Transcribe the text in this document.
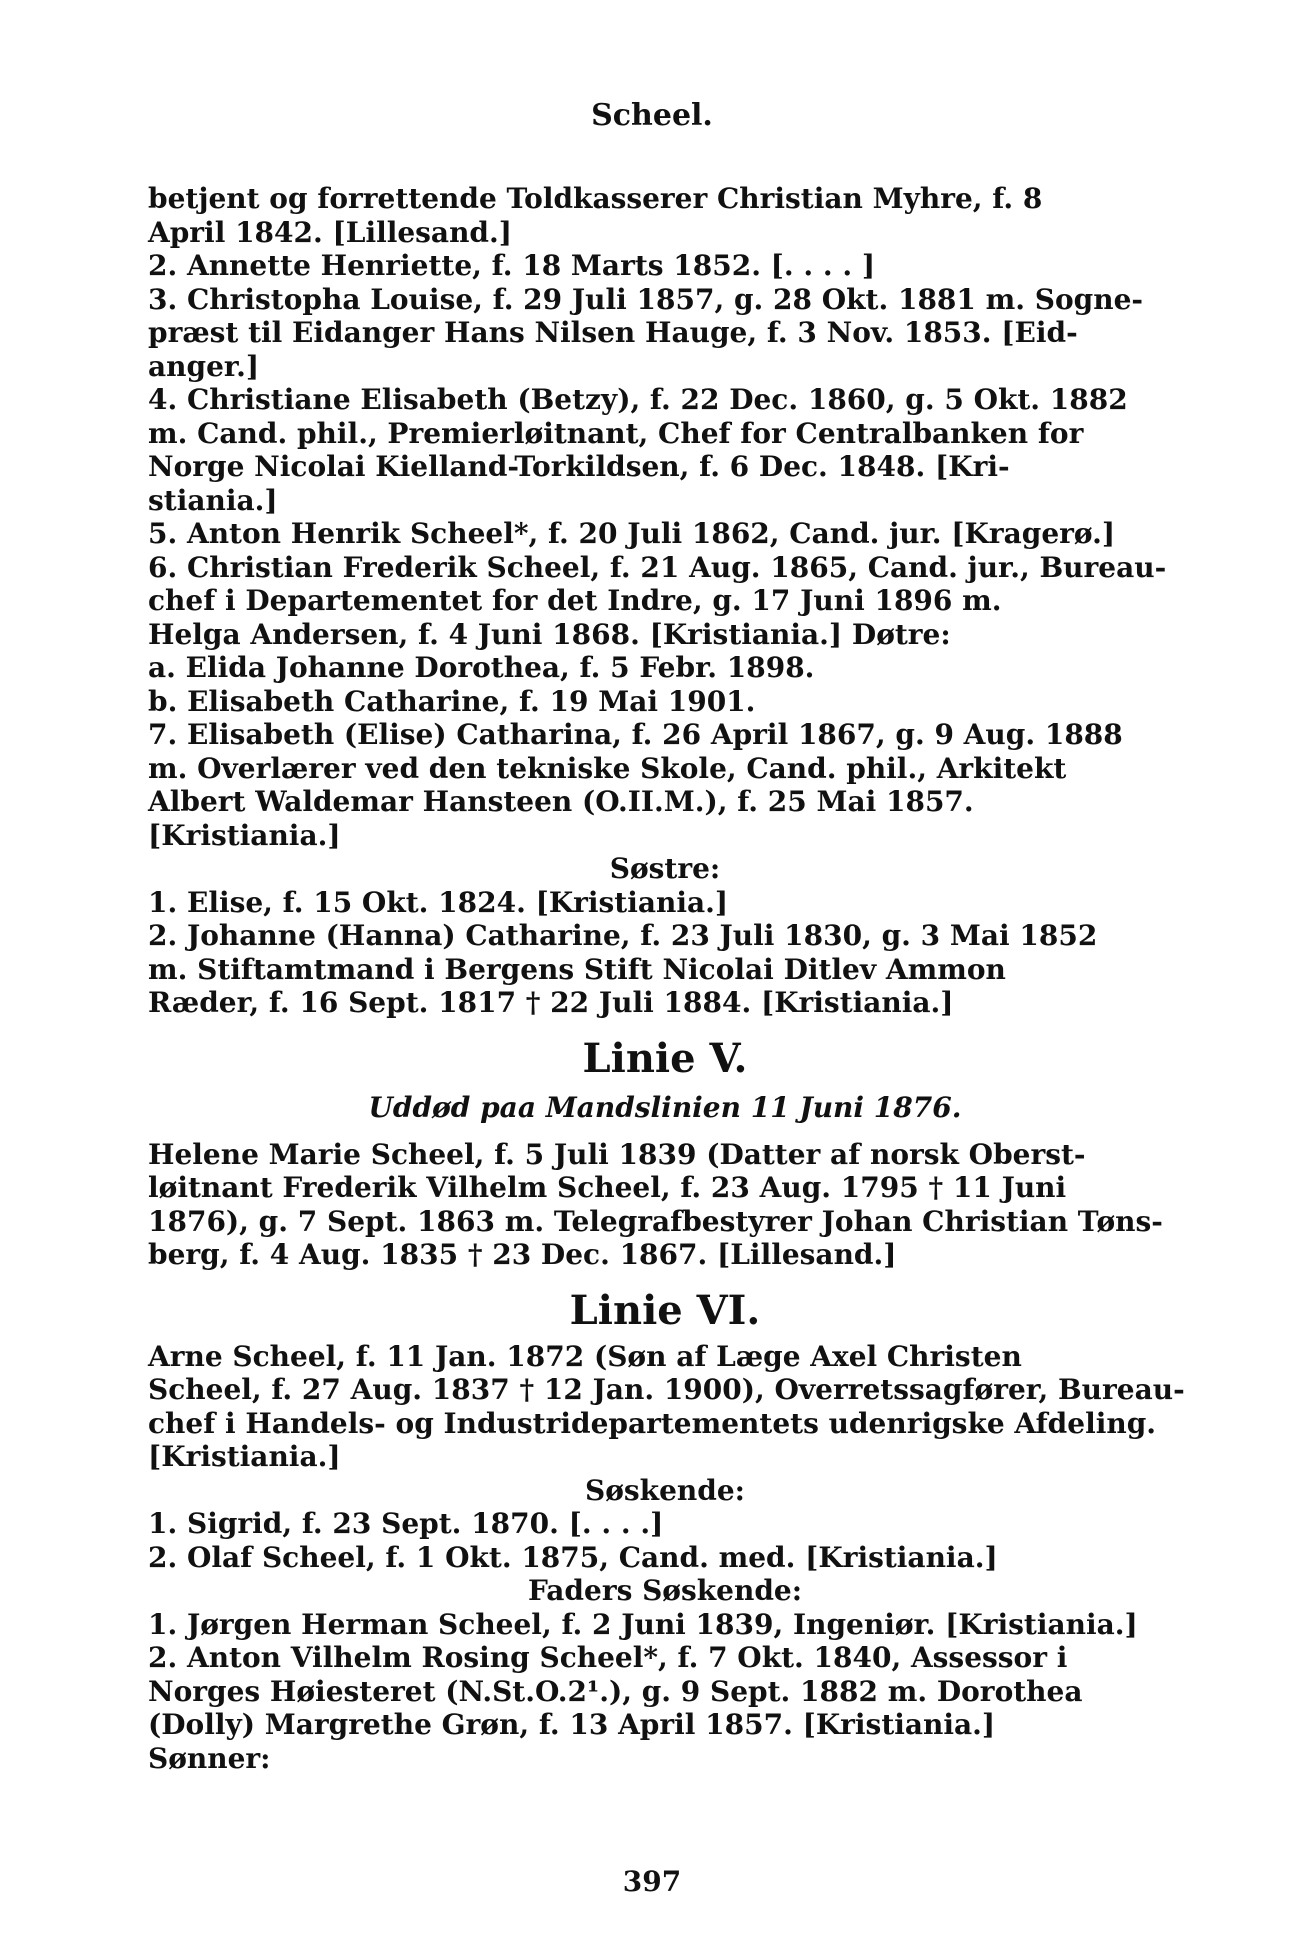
Scheel.
betjent og forrettende Toldkasserer Christian Myhre, f. 8
April 1842. [Lillesand.]
2. Annette Henriette, f. 18 Marts 1852. [. . . . ]
3. Christopha Louise, f. 29 Juli 1857, g. 28 Okt. 1881 m. Sogne-
præst til Eidanger Hans Nilsen Hauge, f. 3 Nov. 1853. [Eid-
anger.]
4. Christiane Elisabeth (Betzy), f. 22 Dec. 1860, g. 5 Okt. 1882
m. Cand. phil., Premierløitnant, Chef for Centralbanken for
Norge Nicolai Kielland-Torkildsen, f. 6 Dec. 1848. [Kri-
stiania.]
5. Anton Henrik Scheel*, f. 20 Juli 1862, Cand. jur. [Kragerø.]
6. Christian Frederik Scheel, f. 21 Aug. 1865, Cand. jur., Bureau-
chef i Departementet for det Indre, g. 17 Juni 1896 m.
Helga Andersen, f. 4 Juni 1868. [Kristiania.] Døtre:
a. Elida Johanne Dorothea, f. 5 Febr. 1898.
b. Elisabeth Catharine, f. 19 Mai 1901.
7. Elisabeth (Elise) Catharina, f. 26 April 1867, g. 9 Aug. 1888
m. Overlærer ved den tekniske Skole, Cand. phil., Arkitekt
Albert Waldemar Hansteen (O.II.M.), f. 25 Mai 1857.
[Kristiania.]
Søstre:
1. Elise, f. 15 Okt. 1824. [Kristiania.]
2. Johanne (Hanna) Catharine, f. 23 Juli 1830, g. 3 Mai 1852
m. Stiftamtmand i Bergens Stift Nicolai Ditlev Ammon
Ræder, f. 16 Sept. 1817 † 22 Juli 1884. [Kristiania.]
Linie V.
Uddød paa Mandslinien 11 Juni 1876.
Helene Marie Scheel, f. 5 Juli 1839 (Datter af norsk Oberst-
løitnant Frederik Vilhelm Scheel, f. 23 Aug. 1795 † 11 Juni
1876), g. 7 Sept. 1863 m. Telegrafbestyrer Johan Christian Tøns-
berg, f. 4 Aug. 1835 † 23 Dec. 1867. [Lillesand.]
Linie VI.
Arne Scheel, f. 11 Jan. 1872 (Søn af Læge Axel Christen
Scheel, f. 27 Aug. 1837 † 12 Jan. 1900), Overretssagfører, Bureau-
chef i Handels- og Industridepartementets udenrigske Afdeling.
[Kristiania.]
Søskende:
1. Sigrid, f. 23 Sept. 1870. [. . . .]
2. Olaf Scheel, f. 1 Okt. 1875, Cand. med. [Kristiania.]
Faders Søskende:
1. Jørgen Herman Scheel, f. 2 Juni 1839, Ingeniør. [Kristiania.]
2. Anton Vilhelm Rosing Scheel*, f. 7 Okt. 1840, Assessor i
Norges Høiesteret (N.St.O.2¹.), g. 9 Sept. 1882 m. Dorothea
(Dolly) Margrethe Grøn, f. 13 April 1857. [Kristiania.]
Sønner:
397
